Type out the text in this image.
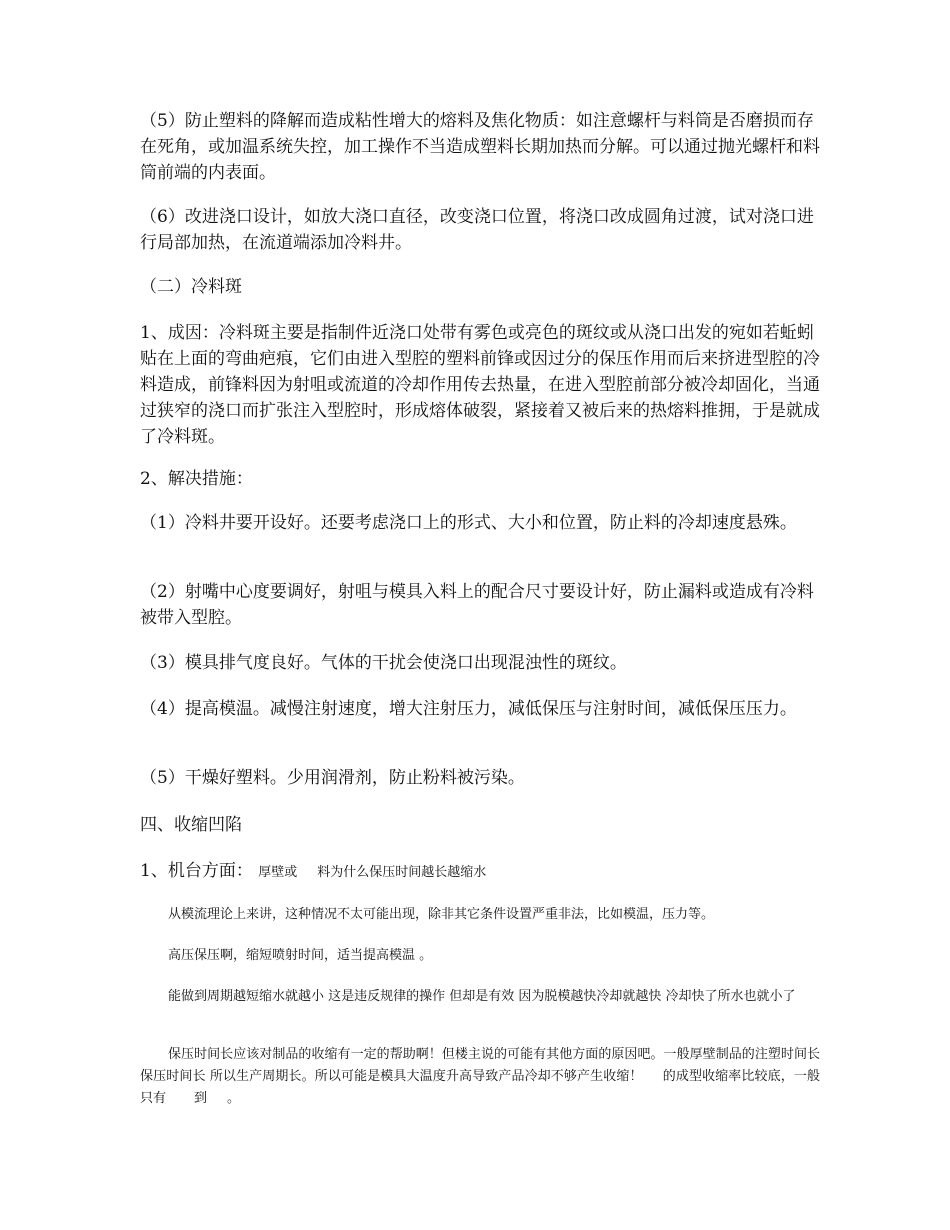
（5）防止塑料的降解而造成粘性增大的熔料及焦化物质：如注意螺杆与料筒是否磨损而存在死角，或加温系统失控，加工操作不当造成塑料长期加热而分解。可以通过抛光螺杆和料筒前端的内表面。

（6）改进浇口设计，如放大浇口直径，改变浇口位置，将浇口改成圆角过渡，试对浇口进行局部加热，在流道端添加冷料井。

（二）冷料斑

1、成因：冷料斑主要是指制件近浇口处带有雾色或亮色的斑纹或从浇口出发的宛如若蚯蚓贴在上面的弯曲疤痕，它们由进入型腔的塑料前锋或因过分的保压作用而后来挤进型腔的冷料造成，前锋料因为射咀或流道的冷却作用传去热量，在进入型腔前部分被冷却固化，当通过狭窄的浇口而扩张注入型腔时，形成熔体破裂，紧接着又被后来的热熔料推拥，于是就成了冷料斑。

2、解决措施：

（1）冷料井要开设好。还要考虑浇口上的形式、大小和位置，防止料的冷却速度悬殊。

（2）射嘴中心度要调好，射咀与模具入料上的配合尺寸要设计好，防止漏料或造成有冷料被带入型腔。

（3）模具排气度良好。气体的干扰会使浇口出现混浊性的斑纹。

（4）提高模温。减慢注射速度，增大注射压力，减低保压与注射时间，减低保压压力。

（5）干燥好塑料。少用润滑剂，防止粉料被污染。

四、收缩凹陷

1、机台方面： 厚壁或 料为什么保压时间越长越缩水

从模流理论上来讲，这种情况不太可能出现，除非其它条件设置严重非法，比如模温，压力等。

高压保压啊，缩短喷射时间，适当提高模温 。

能做到周期越短缩水就越小 这是违反规律的操作 但却是有效 因为脱模越快冷却就越快 冷却快了所水也就小了

保压时间长应该对制品的收缩有一定的帮助啊！但楼主说的可能有其他方面的原因吧。一般厚壁制品的注塑时间长 保压时间长 所以生产周期长。所以可能是模具大温度升高导致产品冷却不够产生收缩！ 的成型收缩率比较底，一般只有 到 。
